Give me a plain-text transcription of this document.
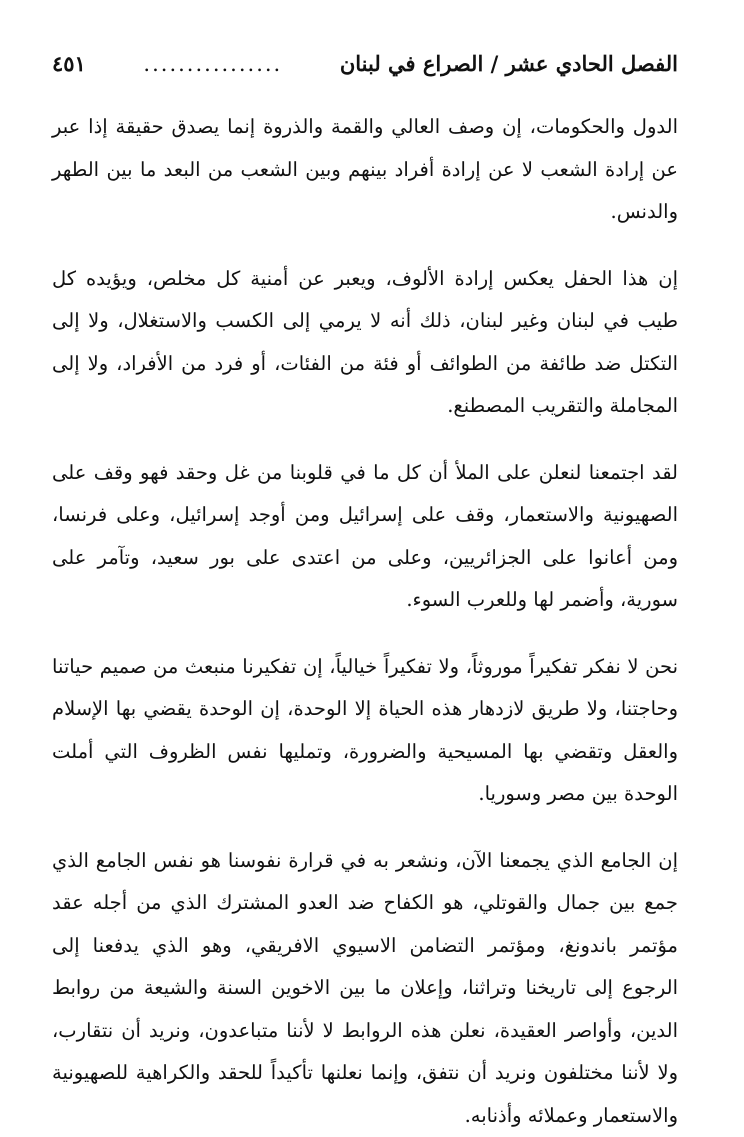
الفصل الحادي عشر / الصراع في لبنان
................
٤٥١

الدول والحكومات، إن وصف العالي والقمة والذروة إنما يصدق حقيقة إذا عبر عن إرادة الشعب لا عن إرادة أفراد بينهم وبين الشعب من البعد ما بين الطهر والدنس.

إن هذا الحفل يعكس إرادة الألوف، ويعبر عن أمنية كل مخلص، ويؤيده كل طيب في لبنان وغير لبنان، ذلك أنه لا يرمي إلى الكسب والاستغلال، ولا إلى التكتل ضد طائفة من الطوائف أو فئة من الفئات، أو فرد من الأفراد، ولا إلى المجاملة والتقريب المصطنع.

لقد اجتمعنا لنعلن على الملأ أن كل ما في قلوبنا من غل وحقد فهو وقف على الصهيونية والاستعمار، وقف على إسرائيل ومن أوجد إسرائيل، وعلى فرنسا، ومن أعانوا على الجزائريين، وعلى من اعتدى على بور سعيد، وتآمر على سورية، وأضمر لها وللعرب السوء.

نحن لا نفكر تفكيراً موروثاً، ولا تفكيراً خيالياً، إن تفكيرنا منبعث من صميم حياتنا وحاجتنا، ولا طريق لازدهار هذه الحياة إلا الوحدة، إن الوحدة يقضي بها الإسلام والعقل وتقضي بها المسيحية والضرورة، وتمليها نفس الظروف التي أملت الوحدة بين مصر وسوريا.

إن الجامع الذي يجمعنا الآن، ونشعر به في قرارة نفوسنا هو نفس الجامع الذي جمع بين جمال والقوتلي، هو الكفاح ضد العدو المشترك الذي من أجله عقد مؤتمر باندونغ، ومؤتمر التضامن الاسيوي الافريقي، وهو الذي يدفعنا إلى الرجوع إلى تاريخنا وتراثنا، وإعلان ما بين الاخوين السنة والشيعة من روابط الدين، وأواصر العقيدة، نعلن هذه الروابط لا لأننا متباعدون، ونريد أن نتقارب، ولا لأننا مختلفون ونريد أن نتفق، وإنما نعلنها تأكيداً للحقد والكراهية للصهيونية والاستعمار وعملائه وأذنابه.
